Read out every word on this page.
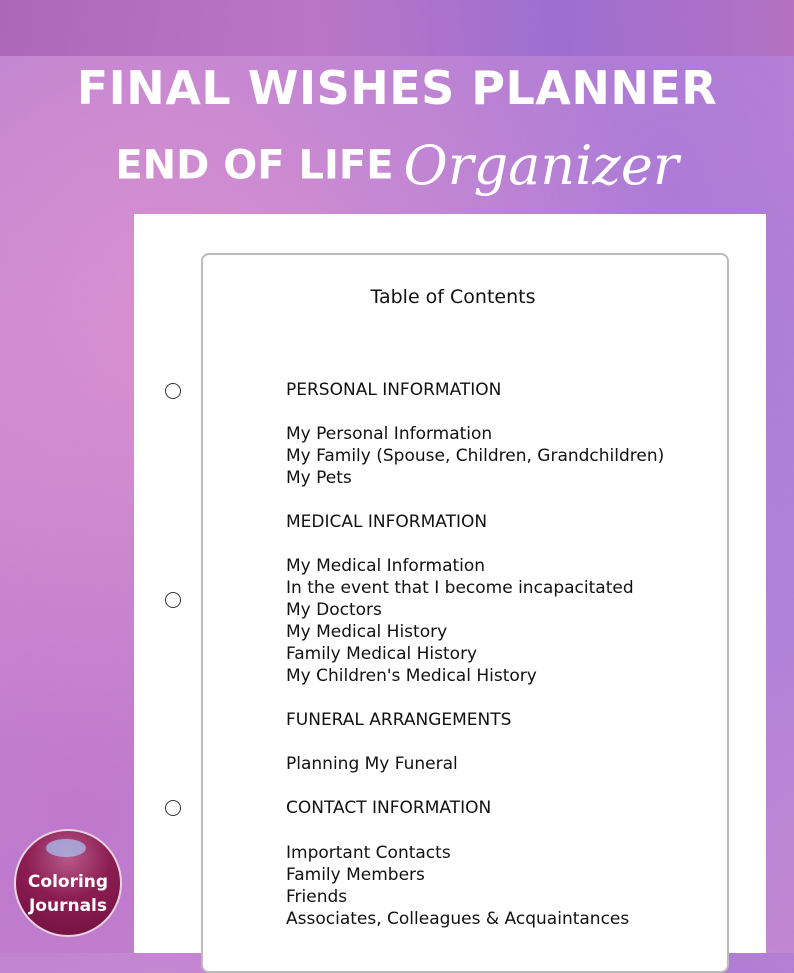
FINAL WISHES PLANNER
END OF LIFE Organizer
Table of Contents
PERSONAL INFORMATION
My Personal Information
My Family (Spouse, Children, Grandchildren)
My Pets
MEDICAL INFORMATION
My Medical Information
In the event that I become incapacitated
My Doctors
My Medical History
Family Medical History
My Children's Medical History
FUNERAL ARRANGEMENTS
Planning My Funeral
CONTACT INFORMATION
Important Contacts
Family Members
Friends
Associates, Colleagues & Acquaintances
Coloring
Journals
